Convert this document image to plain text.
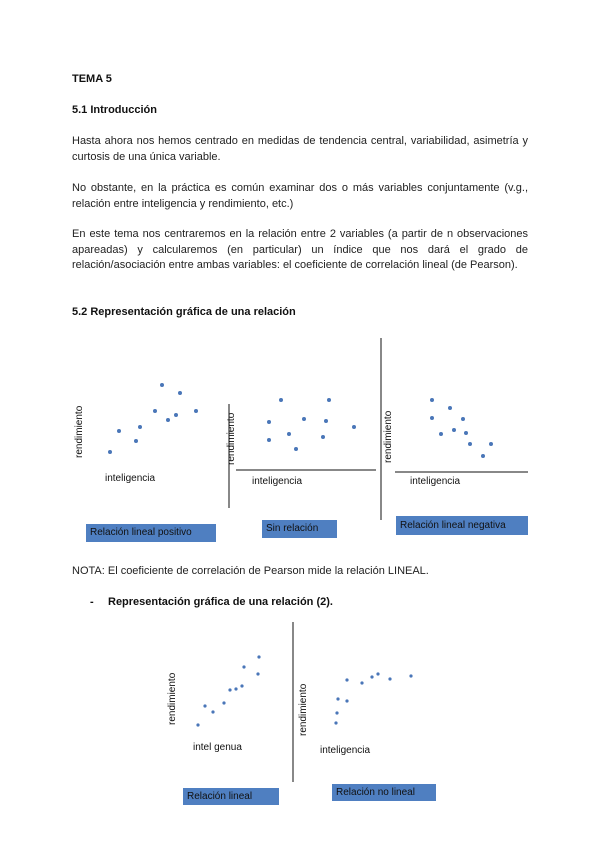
TEMA 5
5.1 Introducción
Hasta ahora nos hemos centrado en medidas de tendencia central, variabilidad, asimetría y curtosis de una única variable.
No obstante, en la práctica es común examinar dos o más variables conjuntamente (v.g., relación entre inteligencia y rendimiento, etc.)
En este tema nos centraremos en la relación entre 2 variables (a partir de n observaciones apareadas) y calcularemos (en particular) un índice que nos dará el grado de relación/asociación entre ambas variables: el coeficiente de correlación lineal (de Pearson).
5.2 Representación gráfica de una relación
rendimiento
inteligencia
rendimiento
inteligencia
rendimiento
inteligencia
Relación lineal positivo	Sin relación	Relación lineal negativa
NOTA: El coeficiente de correlación de Pearson mide la relación LINEAL.
- Representación gráfica de una relación (2).
rendimiento
intel genua
rendimiento
inteligencia
Relación lineal	Relación no lineal
